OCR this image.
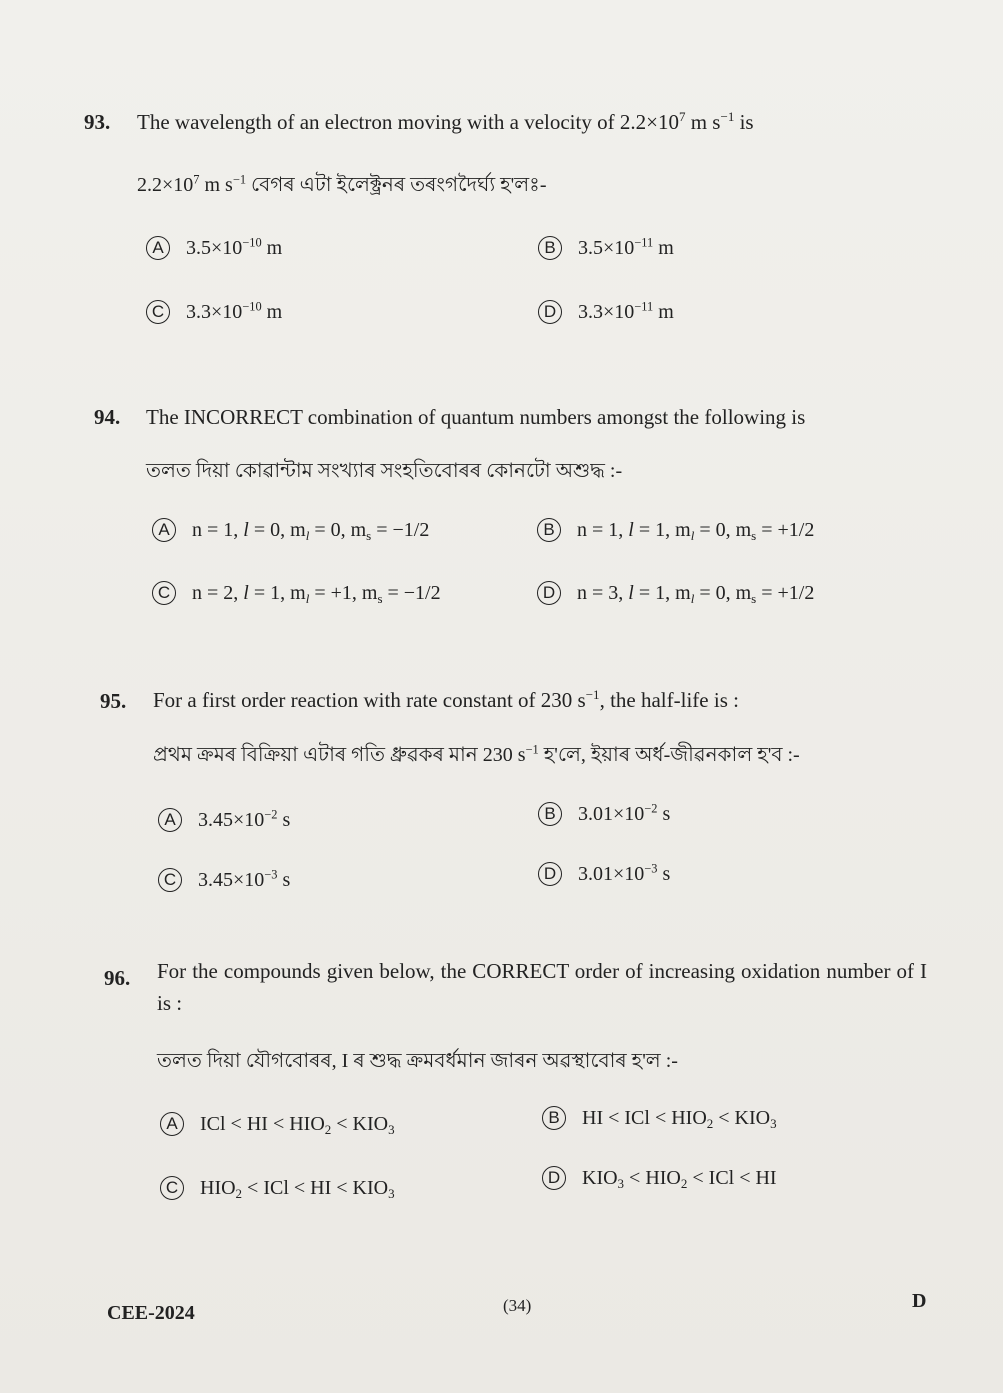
93. The wavelength of an electron moving with a velocity of $2.2\times 10^7$ m $s^{-1}$ is
$2.2\times 10^7$ m $s^{-1}$ বেগৰ এটা ইলেক্ট্ৰনৰ তৰংগদৈৰ্ঘ্য হ'লঃ-
A	$3.5\times 10^{-10}$ m	B	$3.5\times 10^{-11}$ m
C $3.3\times 10^{-10}$ m	D $3.3\times 10^{-11}$ m
94. The INCORRECT combination of quantum numbers amongst the following is
তলত দিয়া কোৱান্টাম সংখ্যাৰ সংহতিবোৰৰ কোনটো অশুদ্ধ :-
A	n = 1, l = 0, $m_l = 0$, $m_s = -1/2$	B	n = 1, l = 1, $m_l = 0$, $m_s = +1/2$
C n = 2, l = 1, $m_l = +1$, $m_s = -1/2$	D n = 3, l = 1, $m_l = 0$, $m_s = +1/2$
95. For a first order reaction with rate constant of 230 $s^{-1}$, the half-life is :
প্ৰথম ক্ৰমৰ বিক্ৰিয়া এটাৰ গতি ধ্ৰুৱকৰ মান 230 $s^{-1}$ হ'লে, ইয়াৰ অৰ্ধ-জীৱনকাল হ'ব :-
A	$3.45\times 10^{-2}$ s	B	$3.01\times 10^{-2}$ s
C $3.45\times 10^{-3}$ s	D $3.01\times 10^{-3}$ s
96. For the compounds given below, the CORRECT order of increasing oxidation number of I is :
তলত দিয়া যৌগবোৰৰ, I ৰ শুদ্ধ ক্ৰমবৰ্ধমান জাৰন অৱস্থাবোৰ হ'ল :-
A	ICl < HI < $HIO_2 < KIO_3$
B	HI < ICl < $HIO_2 < KIO_3$
C $HIO_2$ < ICl < HI < $KIO_3$
D $KIO_3 < HIO_2$ < ICl < HI
CEE-2024	(34)	D
